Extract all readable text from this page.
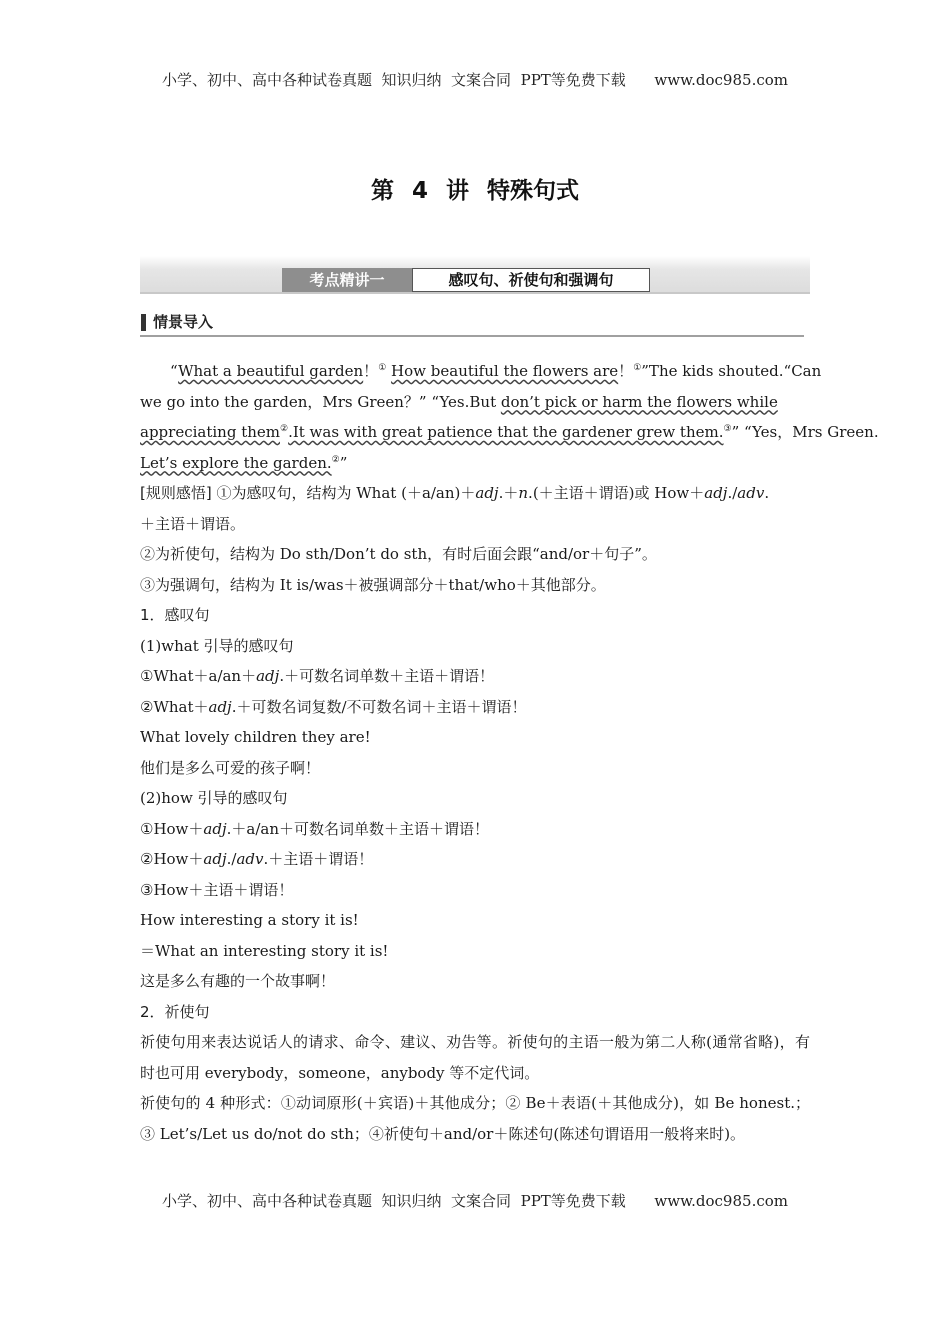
小学、初中、高中各种试卷真题  知识归纳  文案合同  PPT等免费下载      www.doc985.com
第 4 讲 特殊句式
考点精讲一	感叹句、祈使句和强调句
情景导入

“What a beautiful garden！① How beautiful the flowers are！①”The kids shouted.“Can

we go into the garden，Mrs Green？” “Yes.But don’t pick or harm the flowers while

appreciating them②.It was with great patience that the gardener grew them.③” “Yes，Mrs Green.

Let’s explore the garden.②”

[规则感悟] ①为感叹句，结构为 What (＋a/an)＋adj.＋n.(＋主语＋谓语)或 How＋adj./adv.

＋主语＋谓语。

②为祈使句，结构为 Do sth/Don’t do sth，有时后面会跟“and/or＋句子”。

③为强调句，结构为 It is/was＋被强调部分＋that/who＋其他部分。

1．感叹句

(1)what 引导的感叹句

①What＋a/an＋adj.＋可数名词单数＋主语＋谓语！

②What＋adj.＋可数名词复数/不可数名词＋主语＋谓语！

What lovely children they are!

他们是多么可爱的孩子啊！

(2)how 引导的感叹句

①How＋adj.＋a/an＋可数名词单数＋主语＋谓语！

②How＋adj./adv.＋主语＋谓语！

③How＋主语＋谓语！

How interesting a story it is!

＝What an interesting story it is!

这是多么有趣的一个故事啊！

2．祈使句

祈使句用来表达说话人的请求、命令、建议、劝告等。祈使句的主语一般为第二人称(通常省略)，有时也可用 everybody，someone，anybody 等不定代词。

祈使句的 4 种形式：①动词原形(＋宾语)＋其他成分；② Be＋表语(＋其他成分)，如 Be honest.；③ Let’s/Let us do/not do sth；④祈使句＋and/or＋陈述句(陈述句谓语用一般将来时)。

小学、初中、高中各种试卷真题  知识归纳  文案合同  PPT等免费下载      www.doc985.com
